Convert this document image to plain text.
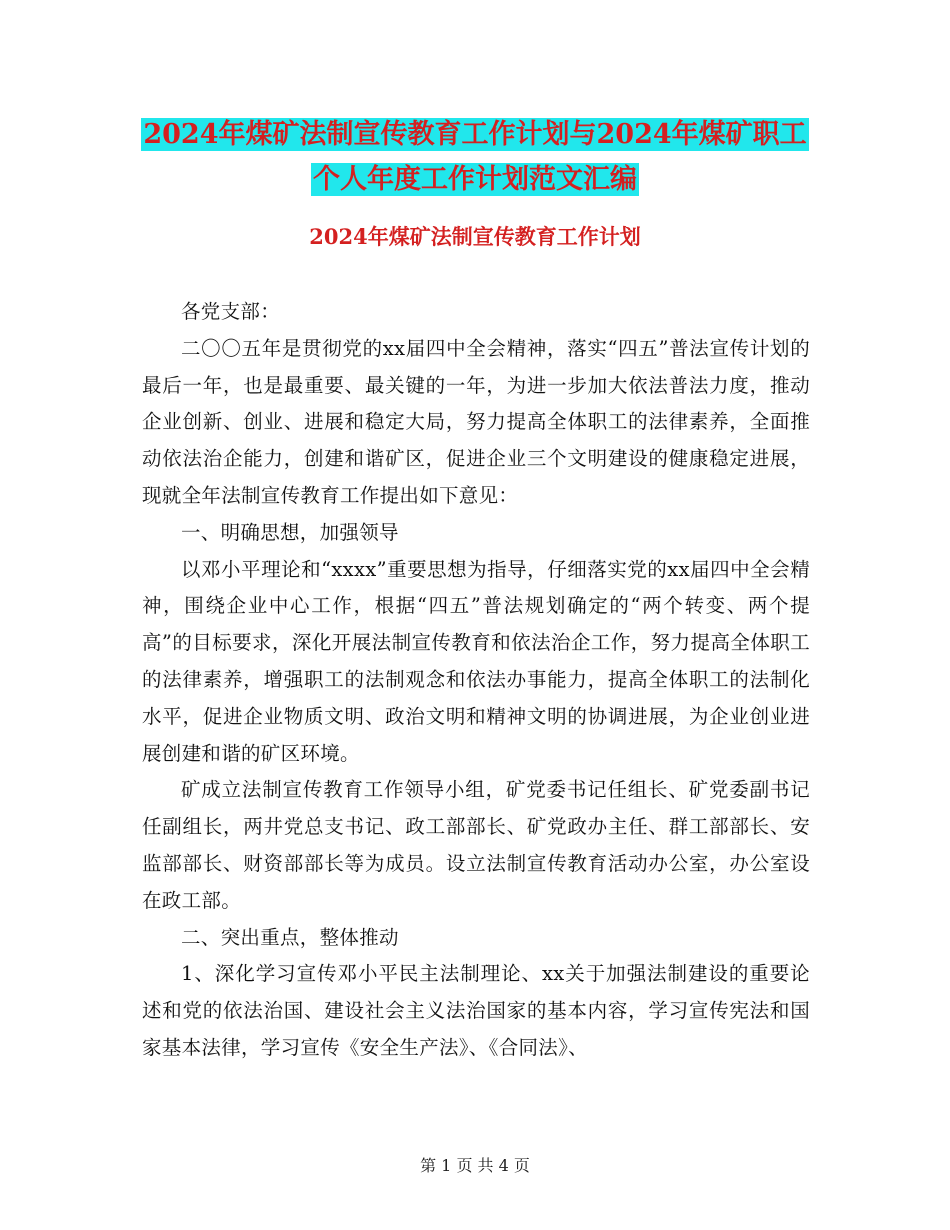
2024年煤矿法制宣传教育工作计划与2024年煤矿职工
个人年度工作计划范文汇编
2024年煤矿法制宣传教育工作计划

各党支部：

二〇〇五年是贯彻党的xx届四中全会精神，落实“四五”普法宣传计划的最后一年，也是最重要、最关键的一年，为进一步加大依法普法力度，推动企业创新、创业、进展和稳定大局，努力提高全体职工的法律素养，全面推动依法治企能力，创建和谐矿区，促进企业三个文明建设的健康稳定进展，现就全年法制宣传教育工作提出如下意见：

一、明确思想，加强领导

以邓小平理论和“xxxx”重要思想为指导，仔细落实党的xx届四中全会精神，围绕企业中心工作，根据“四五”普法规划确定的“两个转变、两个提高”的目标要求，深化开展法制宣传教育和依法治企工作，努力提高全体职工的法律素养，增强职工的法制观念和依法办事能力，提高全体职工的法制化水平，促进企业物质文明、政治文明和精神文明的协调进展，为企业创业进展创建和谐的矿区环境。

矿成立法制宣传教育工作领导小组，矿党委书记任组长、矿党委副书记任副组长，两井党总支书记、政工部部长、矿党政办主任、群工部部长、安监部部长、财资部部长等为成员。设立法制宣传教育活动办公室，办公室设在政工部。

二、突出重点，整体推动

1、深化学习宣传邓小平民主法制理论、xx关于加强法制建设的重要论述和党的依法治国、建设社会主义法治国家的基本内容，学习宣传宪法和国家基本法律，学习宣传《安全生产法》、《合同法》、

第 1 页 共 4 页
